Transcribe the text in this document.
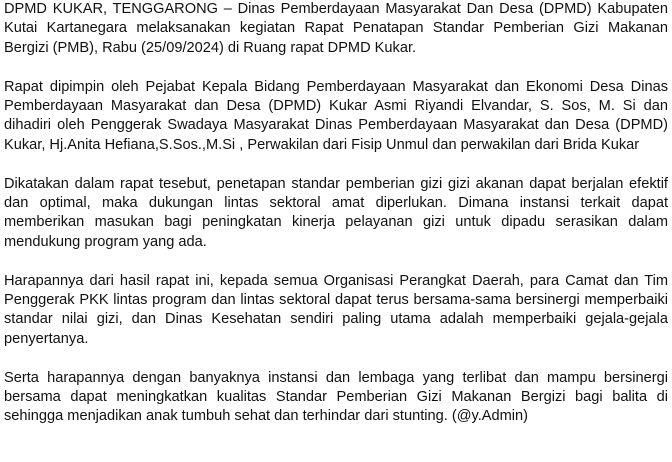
DPMD KUKAR, TENGGARONG – Dinas Pemberdayaan Masyarakat Dan Desa (DPMD) Kabupaten Kutai Kartanegara melaksanakan kegiatan Rapat Penatapan Standar Pemberian Gizi Makanan Bergizi (PMB), Rabu (25/09/2024) di Ruang rapat DPMD Kukar.

Rapat dipimpin oleh Pejabat Kepala Bidang Pemberdayaan Masyarakat dan Ekonomi Desa Dinas Pemberdayaan Masyarakat dan Desa (DPMD) Kukar Asmi Riyandi Elvandar, S. Sos, M. Si dan dihadiri oleh Penggerak Swadaya Masyarakat Dinas Pemberdayaan Masyarakat dan Desa (DPMD) Kukar, Hj.Anita Hefiana,S.Sos.,M.Si , Perwakilan dari Fisip Unmul dan perwakilan dari Brida Kukar

Dikatakan dalam rapat tesebut, penetapan standar pemberian gizi gizi akanan dapat berjalan efektif dan optimal, maka dukungan lintas sektoral amat diperlukan. Dimana instansi terkait dapat memberikan masukan bagi peningkatan kinerja pelayanan gizi untuk dipadu serasikan dalam mendukung program yang ada.

Harapannya dari hasil rapat ini, kepada semua Organisasi Perangkat Daerah, para Camat dan Tim Penggerak PKK lintas program dan lintas sektoral dapat terus bersama-sama bersinergi memperbaiki standar nilai gizi, dan Dinas Kesehatan sendiri paling utama adalah memperbaiki gejala-gejala penyertanya.

Serta harapannya dengan banyaknya instansi dan lembaga yang terlibat dan mampu bersinergi bersama dapat meningkatkan kualitas Standar Pemberian Gizi Makanan Bergizi bagi balita di sehingga menjadikan anak tumbuh sehat dan terhindar dari stunting. (@y.Admin)
